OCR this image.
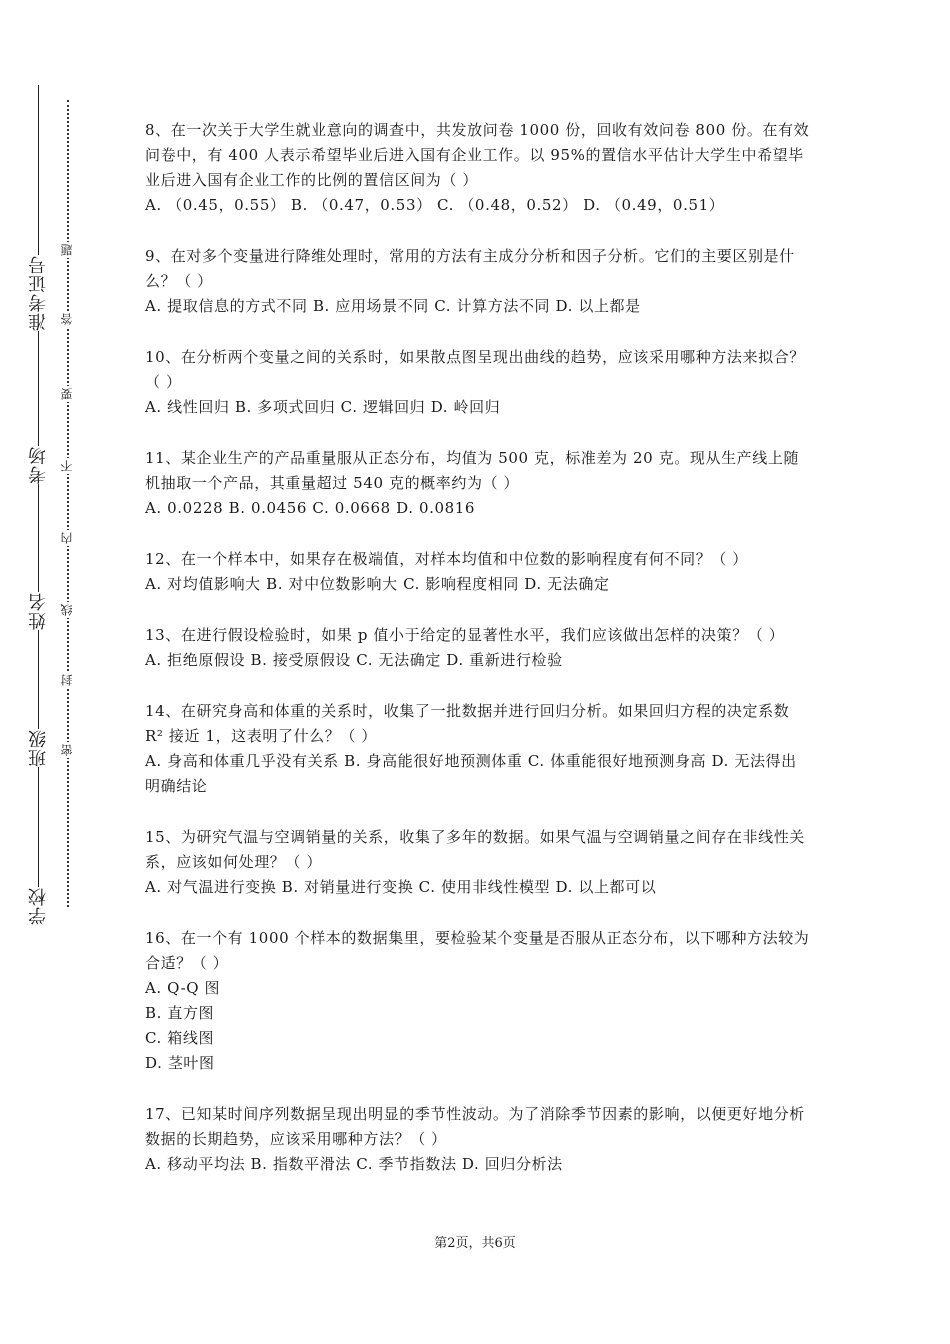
准考证号
考场
姓名
班级
学校
题
答
要
不
内
线
封
密
8、在一次关于大学生就业意向的调查中，共发放问卷 1000 份，回收有效问卷 800 份。在有效问卷中，有 400 人表示希望毕业后进入国有企业工作。以 95%的置信水平估计大学生中希望毕业后进入国有企业工作的比例的置信区间为（ ）
A. （0.45，0.55） B. （0.47，0.53） C. （0.48，0.52） D. （0.49，0.51）
9、在对多个变量进行降维处理时，常用的方法有主成分分析和因子分析。它们的主要区别是什么？（ ）
A. 提取信息的方式不同 B. 应用场景不同 C. 计算方法不同 D. 以上都是
10、在分析两个变量之间的关系时，如果散点图呈现出曲线的趋势，应该采用哪种方法来拟合？（ ）
A. 线性回归 B. 多项式回归 C. 逻辑回归 D. 岭回归
11、某企业生产的产品重量服从正态分布，均值为 500 克，标准差为 20 克。现从生产线上随机抽取一个产品，其重量超过 540 克的概率约为（ ）
A. 0.0228 B. 0.0456 C. 0.0668 D. 0.0816
12、在一个样本中，如果存在极端值，对样本均值和中位数的影响程度有何不同？（ ）
A. 对均值影响大 B. 对中位数影响大 C. 影响程度相同 D. 无法确定
13、在进行假设检验时，如果 p 值小于给定的显著性水平，我们应该做出怎样的决策？（ ）
A. 拒绝原假设 B. 接受原假设 C. 无法确定 D. 重新进行检验
14、在研究身高和体重的关系时，收集了一批数据并进行回归分析。如果回归方程的决定系数 R² 接近 1，这表明了什么？（ ）
A. 身高和体重几乎没有关系 B. 身高能很好地预测体重 C. 体重能很好地预测身高 D. 无法得出明确结论
15、为研究气温与空调销量的关系，收集了多年的数据。如果气温与空调销量之间存在非线性关系，应该如何处理？（ ）
A. 对气温进行变换 B. 对销量进行变换 C. 使用非线性模型 D. 以上都可以
16、在一个有 1000 个样本的数据集里，要检验某个变量是否服从正态分布，以下哪种方法较为合适？（ ）
A. Q-Q 图
B. 直方图
C. 箱线图
D. 茎叶图
17、已知某时间序列数据呈现出明显的季节性波动。为了消除季节因素的影响，以便更好地分析数据的长期趋势，应该采用哪种方法？（ ）
A. 移动平均法 B. 指数平滑法 C. 季节指数法 D. 回归分析法
第2页，共6页
